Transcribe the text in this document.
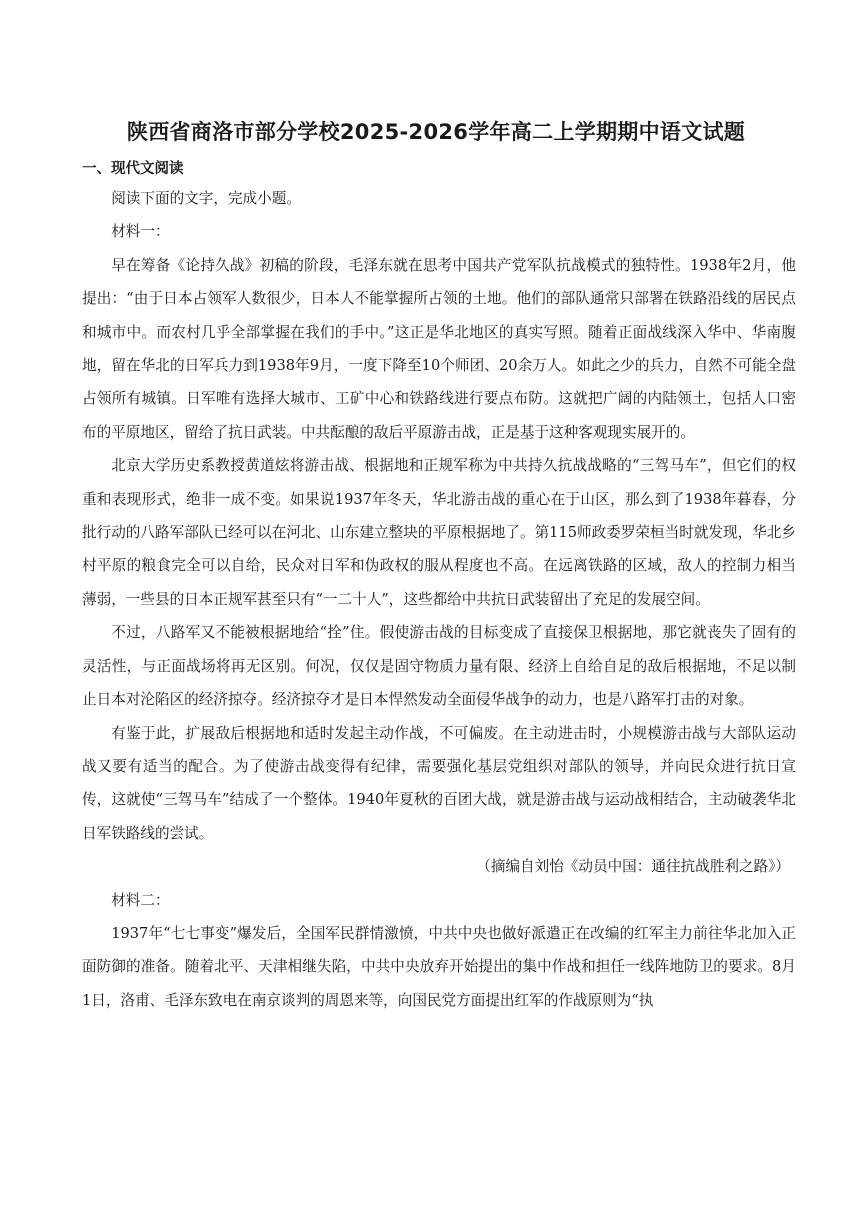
陕西省商洛市部分学校2025-2026学年高二上学期期中语文试题
一、现代文阅读

阅读下面的文字，完成小题。

材料一：

早在筹备《论持久战》初稿的阶段，毛泽东就在思考中国共产党军队抗战模式的独特性。1938年2月，他提出：“由于日本占领军人数很少，日本人不能掌握所占领的土地。他们的部队通常只部署在铁路沿线的居民点和城市中。而农村几乎全部掌握在我们的手中。”这正是华北地区的真实写照。随着正面战线深入华中、华南腹地，留在华北的日军兵力到1938年9月，一度下降至10个师团、20余万人。如此之少的兵力，自然不可能全盘占领所有城镇。日军唯有选择大城市、工矿中心和铁路线进行要点布防。这就把广阔的内陆领土，包括人口密布的平原地区，留给了抗日武装。中共酝酿的敌后平原游击战，正是基于这种客观现实展开的。

北京大学历史系教授黄道炫将游击战、根据地和正规军称为中共持久抗战战略的“三驾马车”，但它们的权重和表现形式，绝非一成不变。如果说1937年冬天，华北游击战的重心在于山区，那么到了1938年暮春，分批行动的八路军部队已经可以在河北、山东建立整块的平原根据地了。第115师政委罗荣桓当时就发现，华北乡村平原的粮食完全可以自给，民众对日军和伪政权的服从程度也不高。在远离铁路的区域，敌人的控制力相当薄弱，一些县的日本正规军甚至只有“一二十人”，这些都给中共抗日武装留出了充足的发展空间。

不过，八路军又不能被根据地给“拴”住。假使游击战的目标变成了直接保卫根据地，那它就丧失了固有的灵活性，与正面战场将再无区别。何况，仅仅是固守物质力量有限、经济上自给自足的敌后根据地，不足以制止日本对沦陷区的经济掠夺。经济掠夺才是日本悍然发动全面侵华战争的动力，也是八路军打击的对象。

有鉴于此，扩展敌后根据地和适时发起主动作战，不可偏废。在主动进击时，小规模游击战与大部队运动战又要有适当的配合。为了使游击战变得有纪律，需要强化基层党组织对部队的领导，并向民众进行抗日宣传，这就使“三驾马车”结成了一个整体。1940年夏秋的百团大战，就是游击战与运动战相结合，主动破袭华北日军铁路线的尝试。

（摘编自刘怡《动员中国：通往抗战胜利之路》）

材料二：

1937年“七七事变”爆发后，全国军民群情激愤，中共中央也做好派遣正在改编的红军主力前往华北加入正面防御的准备。随着北平、天津相继失陷，中共中央放弃开始提出的集中作战和担任一线阵地防卫的要求。8月1日，洛甫、毛泽东致电在南京谈判的周恩来等，向国民党方面提出红军的作战原则为“执
